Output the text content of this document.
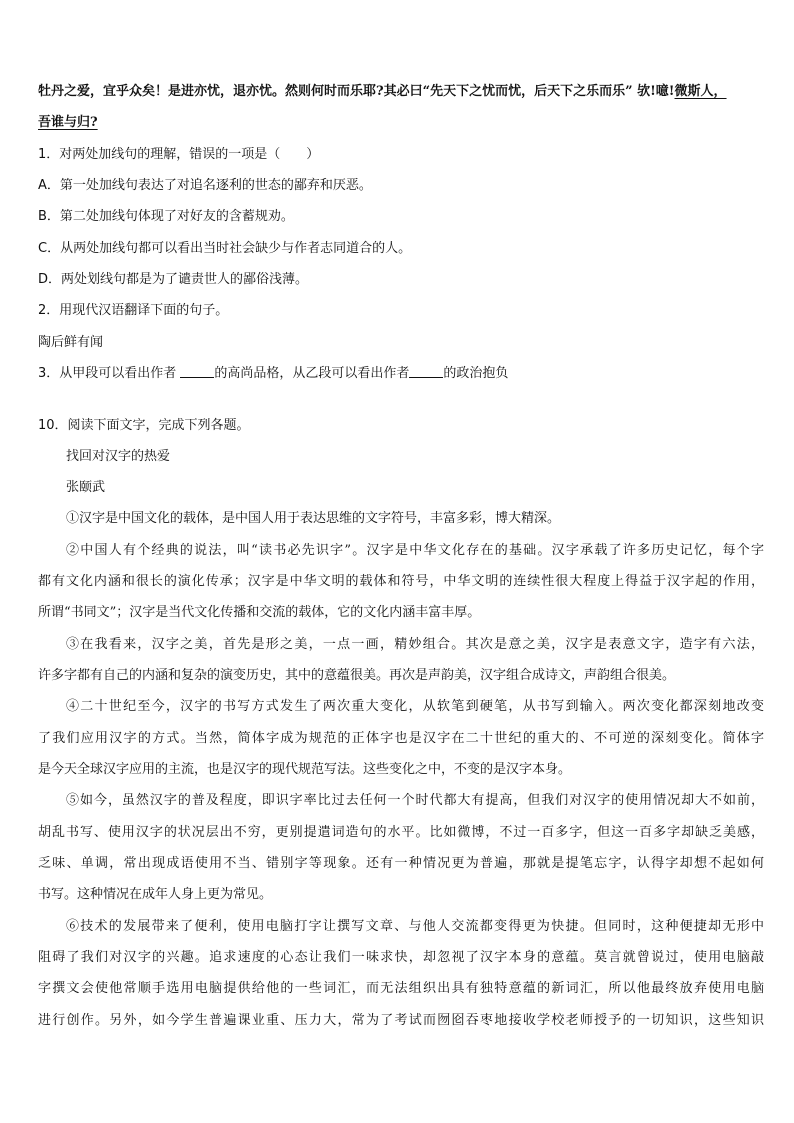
牡丹之爱，宜乎众矣！是进亦忧，退亦忧。然则何时而乐耶?其必曰“先天下之忧而忧，后天下之乐而乐” 欤!噫!微斯人，
吾谁与归?
1．对两处加线句的理解，错误的一项是（　　）
A．第一处加线句表达了对追名逐利的世态的鄙弃和厌恶。
B．第二处加线句体现了对好友的含蓄规劝。
C．从两处加线句都可以看出当时社会缺少与作者志同道合的人。
D．两处划线句都是为了谴责世人的鄙俗浅薄。
2．用现代汉语翻译下面的句子。
陶后鲜有闻
3．从甲段可以看出作者	的高尚品格，从乙段可以看出作者	的政治抱负
10．阅读下面文字，完成下列各题。
找回对汉字的热爱
张颐武
①汉字是中国文化的载体，是中国人用于表达思维的文字符号，丰富多彩，博大精深。
②中国人有个经典的说法，叫“读书必先识字”。汉字是中华文化存在的基础。汉字承载了许多历史记忆，每个字
都有文化内涵和很长的演化传承；汉字是中华文明的载体和符号，中华文明的连续性很大程度上得益于汉字起的作用，
所谓“书同文”；汉字是当代文化传播和交流的载体，它的文化内涵丰富丰厚。
③在我看来，汉字之美，首先是形之美，一点一画，精妙组合。其次是意之美，汉字是表意文字，造字有六法，
许多字都有自己的内涵和复杂的演变历史，其中的意蕴很美。再次是声韵美，汉字组合成诗文，声韵组合很美。
④二十世纪至今，汉字的书写方式发生了两次重大变化，从软笔到硬笔，从书写到输入。两次变化都深刻地改变
了我们应用汉字的方式。当然，简体字成为规范的正体字也是汉字在二十世纪的重大的、不可逆的深刻变化。简体字
是今天全球汉字应用的主流，也是汉字的现代规范写法。这些变化之中，不变的是汉字本身。
⑤如今，虽然汉字的普及程度，即识字率比过去任何一个时代都大有提高，但我们对汉字的使用情况却大不如前，
胡乱书写、使用汉字的状况层出不穷，更别提遣词造句的水平。比如微博，不过一百多字，但这一百多字却缺乏美感，
乏味、单调，常出现成语使用不当、错别字等现象。还有一种情况更为普遍，那就是提笔忘字，认得字却想不起如何
书写。这种情况在成年人身上更为常见。
⑥技术的发展带来了便利，使用电脑打字让撰写文章、与他人交流都变得更为快捷。但同时，这种便捷却无形中
阻碍了我们对汉字的兴趣。追求速度的心态让我们一味求快，却忽视了汉字本身的意蕴。莫言就曾说过，使用电脑敲
字撰文会使他常顺手选用电脑提供给他的一些词汇，而无法组织出具有独特意蕴的新词汇，所以他最终放弃使用电脑
进行创作。另外，如今学生普遍课业重、压力大，常为了考试而囫囵吞枣地接收学校老师授予的一切知识，这些知识
